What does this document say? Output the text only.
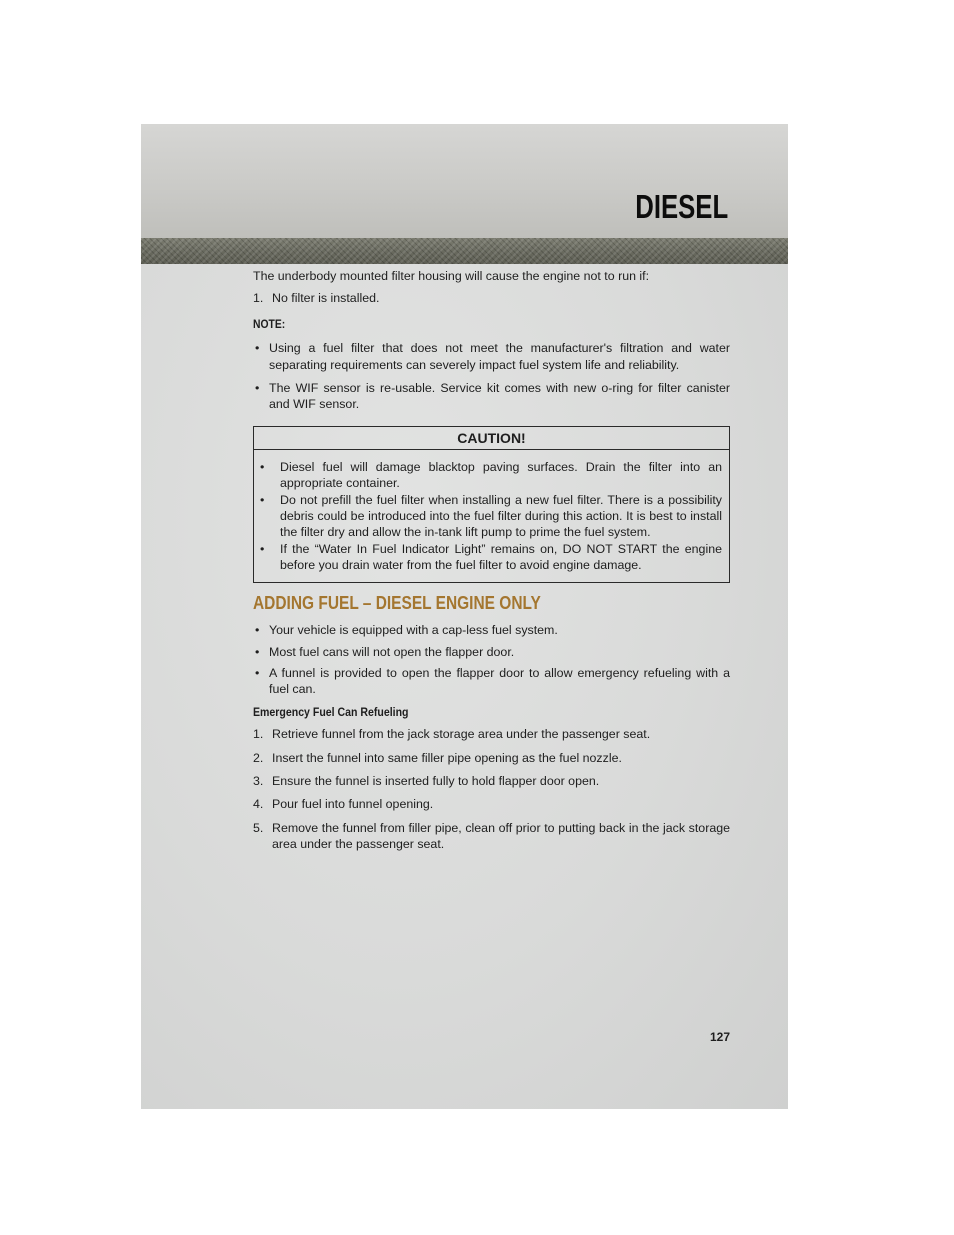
DIESEL

The underbody mounted filter housing will cause the engine not to run if:

1. No filter is installed.
NOTE:
• Using a fuel filter that does not meet the manufacturer's filtration and water separating requirements can severely impact fuel system life and reliability.
• The WIF sensor is re-usable. Service kit comes with new o-ring for filter canister and WIF sensor.
CAUTION!
•	Diesel fuel will damage blacktop paving surfaces. Drain the filter into an appropriate container.
•	Do not prefill the fuel filter when installing a new fuel filter. There is a possibility debris could be introduced into the fuel filter during this action. It is best to install the filter dry and allow the in-tank lift pump to prime the fuel system.
•	If the “Water In Fuel Indicator Light” remains on, DO NOT START the engine before you drain water from the fuel filter to avoid engine damage.
ADDING FUEL – DIESEL ENGINE ONLY
• Your vehicle is equipped with a cap-less fuel system.
• Most fuel cans will not open the flapper door.
• A funnel is provided to open the flapper door to allow emergency refueling with a fuel can.
Emergency Fuel Can Refueling
1. Retrieve funnel from the jack storage area under the passenger seat.
2. Insert the funnel into same filler pipe opening as the fuel nozzle.
3. Ensure the funnel is inserted fully to hold flapper door open.
4. Pour fuel into funnel opening.
5. Remove the funnel from filler pipe, clean off prior to putting back in the jack storage area under the passenger seat.
127
